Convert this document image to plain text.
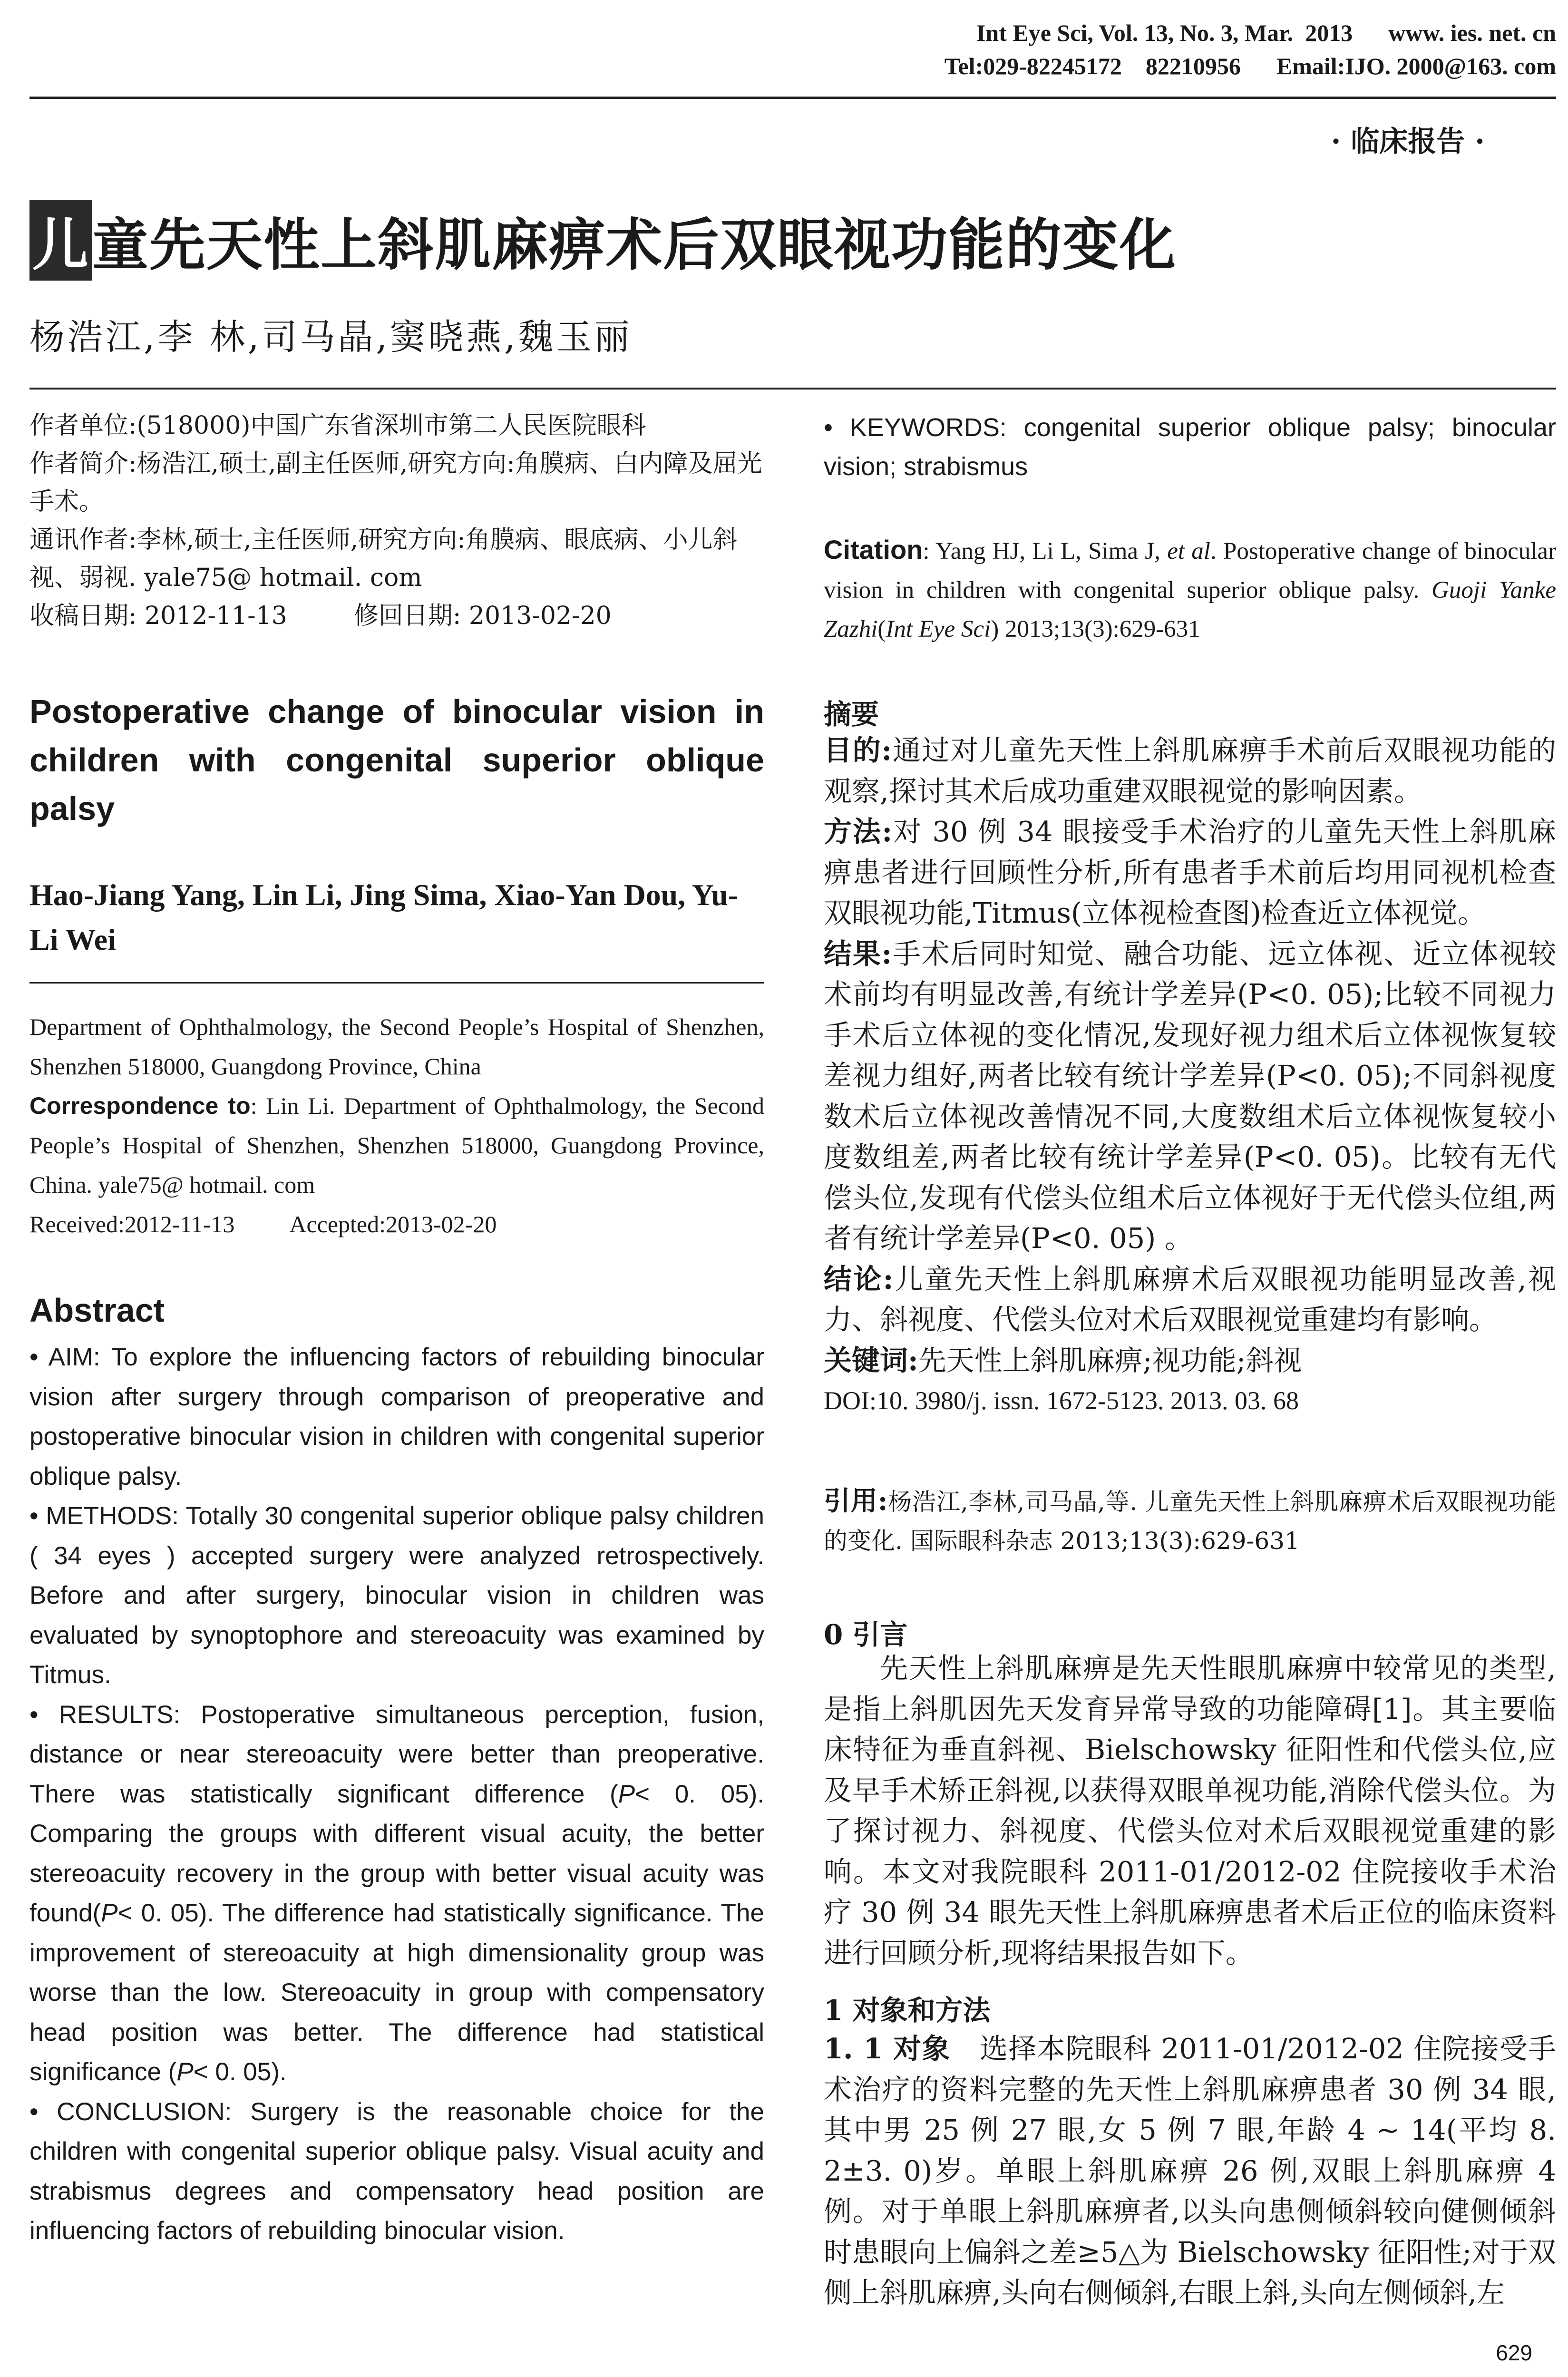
Int Eye Sci, Vol. 13, No. 3, Mar.  2013      www. ies. net. cn
Tel:029-82245172    82210956      Email:IJO. 2000@163. com
· 临床报告 ·
儿童先天性上斜肌麻痹术后双眼视功能的变化
杨浩江,李 林,司马晶,窦晓燕,魏玉丽

作者单位:(518000)中国广东省深圳市第二人民医院眼科

作者简介:杨浩江,硕士,副主任医师,研究方向:角膜病、白内障及屈光手术。

通讯作者:李林,硕士,主任医师,研究方向:角膜病、眼底病、小儿斜视、弱视. yale75@ hotmail. com

收稿日期: 2012-11-13	修回日期: 2013-02-20

Postoperative change of binocular vision in children with congenital superior oblique palsy
Hao-Jiang Yang, Lin Li, Jing Sima, Xiao-Yan Dou, Yu-Li Wei

Department of Ophthalmology, the Second People’s Hospital of Shenzhen, Shenzhen 518000, Guangdong Province, China

Correspondence to: Lin Li. Department of Ophthalmology, the Second People’s Hospital of Shenzhen, Shenzhen 518000, Guangdong Province, China. yale75@ hotmail. com

Received:2012-11-13 Accepted:2013-02-20

Abstract

• AIM: To explore the influencing factors of rebuilding binocular vision after surgery through comparison of preoperative and postoperative binocular vision in children with congenital superior oblique palsy.

• METHODS: Totally 30 congenital superior oblique palsy children ( 34 eyes ) accepted surgery were analyzed retrospectively. Before and after surgery, binocular vision in children was evaluated by synoptophore and stereoacuity was examined by Titmus.

• RESULTS: Postoperative simultaneous perception, fusion, distance or near stereoacuity were better than preoperative. There was statistically significant difference (P< 0. 05). Comparing the groups with different visual acuity, the better stereoacuity recovery in the group with better visual acuity was found(P< 0. 05). The difference had statistically significance. The improvement of stereoacuity at high dimensionality group was worse than the low. Stereoacuity in group with compensatory head position was better. The difference had statistical significance (P< 0. 05).

• CONCLUSION: Surgery is the reasonable choice for the children with congenital superior oblique palsy. Visual acuity and strabismus degrees and compensatory head position are influencing factors of rebuilding binocular vision.

• KEYWORDS: congenital superior oblique palsy; binocular vision; strabismus
Citation: Yang HJ, Li L, Sima J, et al. Postoperative change of binocular vision in children with congenital superior oblique palsy. Guoji Yanke Zazhi(Int Eye Sci) 2013;13(3):629-631
摘要

目的:通过对儿童先天性上斜肌麻痹手术前后双眼视功能的观察,探讨其术后成功重建双眼视觉的影响因素。

方法:对 30 例 34 眼接受手术治疗的儿童先天性上斜肌麻痹患者进行回顾性分析,所有患者手术前后均用同视机检查双眼视功能,Titmus(立体视检查图)检查近立体视觉。

结果:手术后同时知觉、融合功能、远立体视、近立体视较术前均有明显改善,有统计学差异(P<0. 05);比较不同视力手术后立体视的变化情况,发现好视力组术后立体视恢复较差视力组好,两者比较有统计学差异(P<0. 05);不同斜视度数术后立体视改善情况不同,大度数组术后立体视恢复较小度数组差,两者比较有统计学差异(P<0. 05)。比较有无代偿头位,发现有代偿头位组术后立体视好于无代偿头位组,两者有统计学差异(P<0. 05) 。

结论:儿童先天性上斜肌麻痹术后双眼视功能明显改善,视力、斜视度、代偿头位对术后双眼视觉重建均有影响。

关键词:先天性上斜肌麻痹;视功能;斜视

DOI:10. 3980/j. issn. 1672-5123. 2013. 03. 68

引用:杨浩江,李林,司马晶,等. 儿童先天性上斜肌麻痹术后双眼视功能的变化. 国际眼科杂志 2013;13(3):629-631
0 引言
先天性上斜肌麻痹是先天性眼肌麻痹中较常见的类型,是指上斜肌因先天发育异常导致的功能障碍[1]。其主要临床特征为垂直斜视、Bielschowsky 征阳性和代偿头位,应及早手术矫正斜视,以获得双眼单视功能,消除代偿头位。为了探讨视力、斜视度、代偿头位对术后双眼视觉重建的影响。本文对我院眼科 2011-01/2012-02 住院接收手术治疗 30 例 34 眼先天性上斜肌麻痹患者术后正位的临床资料进行回顾分析,现将结果报告如下。
1 对象和方法
1. 1 对象 选择本院眼科 2011-01/2012-02 住院接受手术治疗的资料完整的先天性上斜肌麻痹患者 30 例 34 眼,其中男 25 例 27 眼,女 5 例 7 眼,年龄 4 ~ 14(平均 8. 2±3. 0)岁。单眼上斜肌麻痹 26 例,双眼上斜肌麻痹 4 例。对于单眼上斜肌麻痹者,以头向患侧倾斜较向健侧倾斜时患眼向上偏斜之差≥5△为 Bielschowsky 征阳性;对于双侧上斜肌麻痹,头向右侧倾斜,右眼上斜,头向左侧倾斜,左
629
